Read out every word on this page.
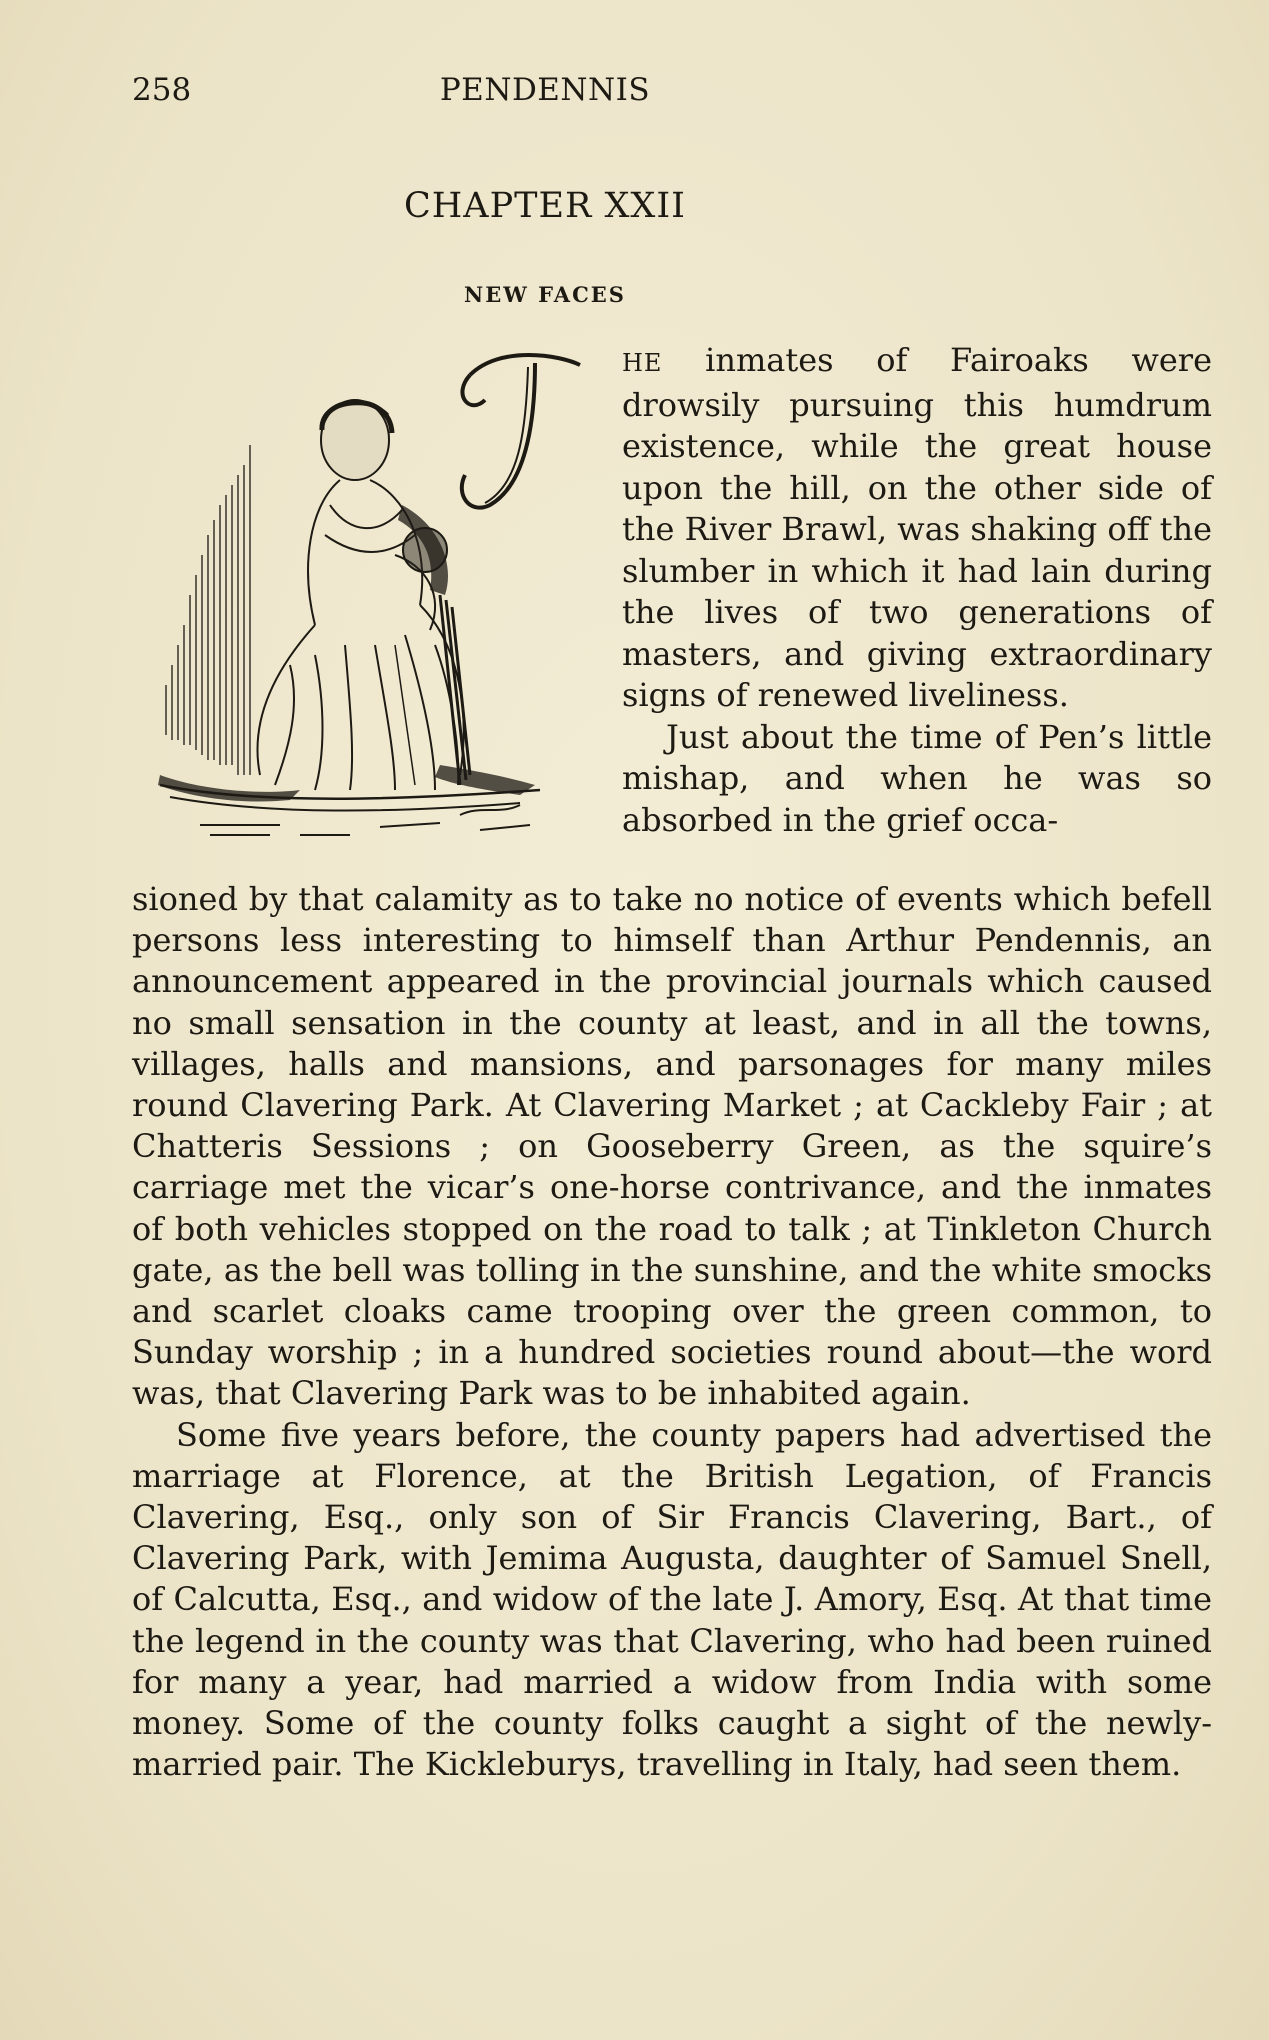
258	PENDENNIS
CHAPTER XXII
NEW FACES

HE inmates of Fairoaks were drowsily pursuing this humdrum existence, while the great house upon the hill, on the other side of the River Brawl, was shaking off the slumber in which it had lain during the lives of two generations of masters, and giving extraordinary signs of renewed liveliness.

Just about the time of Pen’s little mishap, and when he was so absorbed in the grief occa-

sioned by that calamity as to take no notice of events which befell persons less interesting to himself than Arthur Pendennis, an announcement appeared in the provincial journals which caused no small sensation in the county at least, and in all the towns, villages, halls and mansions, and parsonages for many miles round Clavering Park. At Clavering Market ; at Cackleby Fair ; at Chatteris Sessions ; on Gooseberry Green, as the squire’s carriage met the vicar’s one-horse contrivance, and the inmates of both vehicles stopped on the road to talk ; at Tinkleton Church gate, as the bell was tolling in the sunshine, and the white smocks and scarlet cloaks came trooping over the green common, to Sunday worship ; in a hundred societies round about—the word was, that Clavering Park was to be inhabited again.

Some five years before, the county papers had advertised the marriage at Florence, at the British Legation, of Francis Clavering, Esq., only son of Sir Francis Clavering, Bart., of Clavering Park, with Jemima Augusta, daughter of Samuel Snell, of Calcutta, Esq., and widow of the late J. Amory, Esq. At that time the legend in the county was that Clavering, who had been ruined for many a year, had married a widow from India with some money. Some of the county folks caught a sight of the newly-married pair. The Kickleburys, travelling in Italy, had seen them.
